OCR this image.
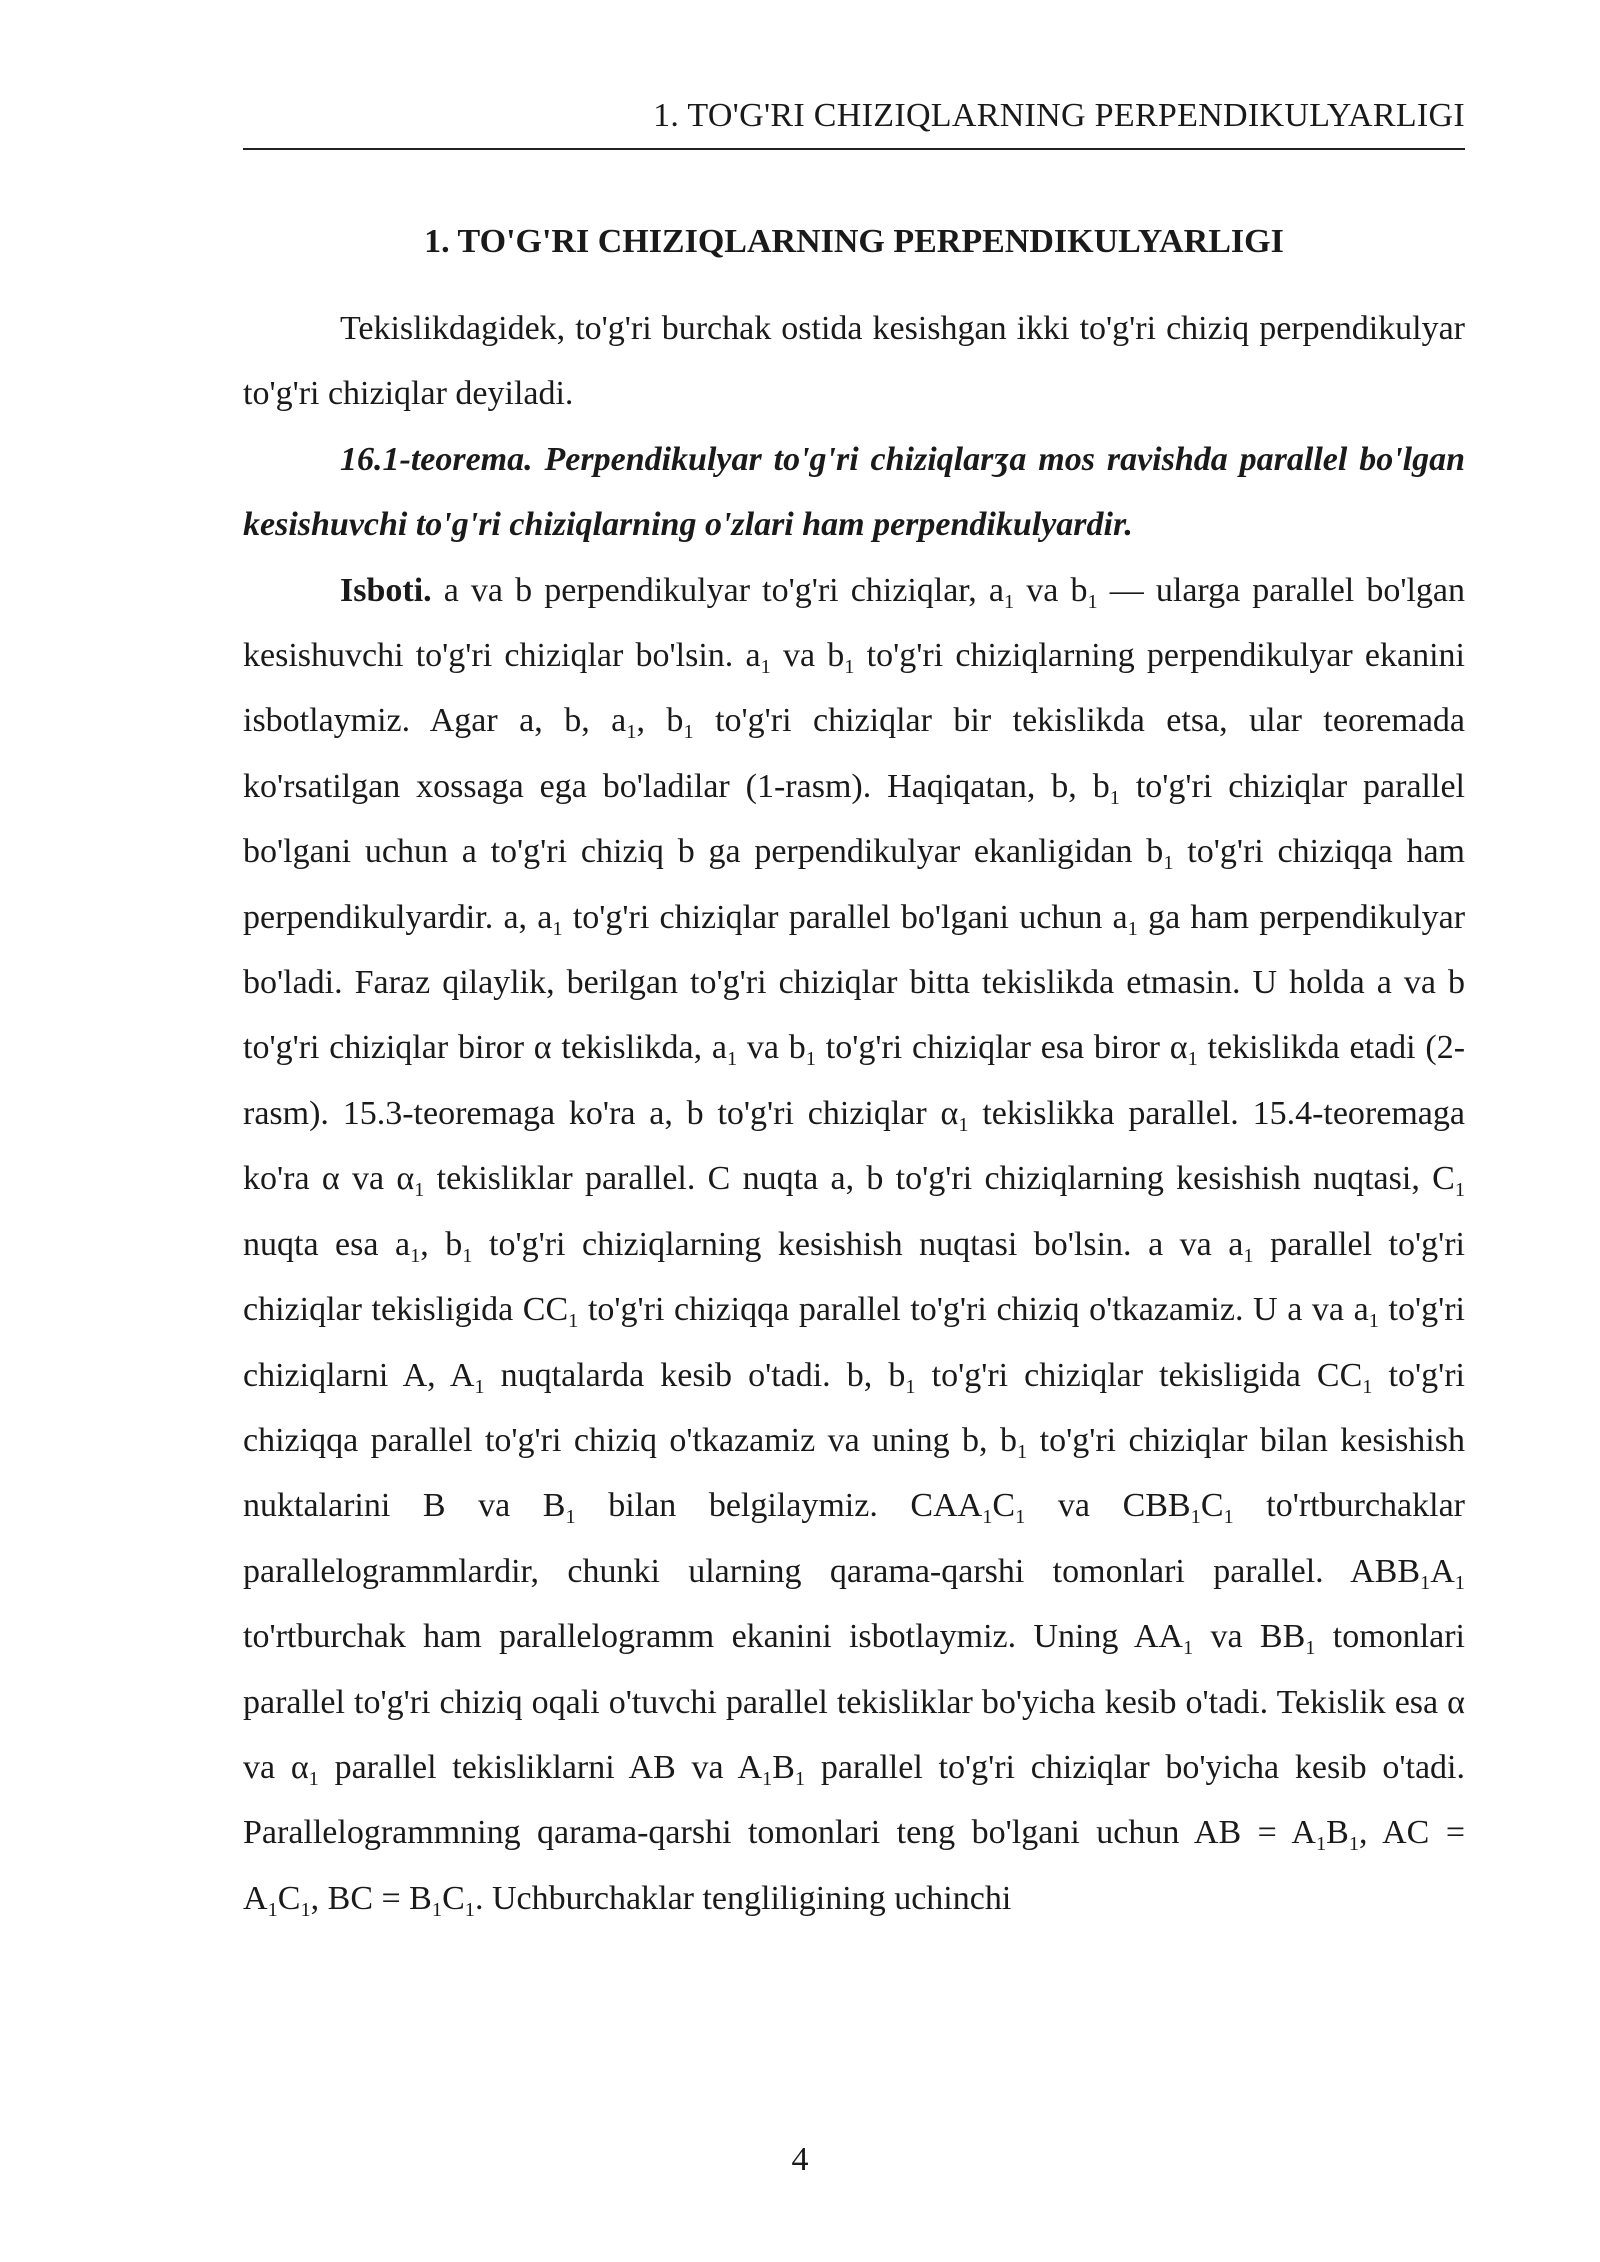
1. TO'G'RI CHIZIQLARNING PERPENDIKULYARLIGI
1. TO'G'RI CHIZIQLARNING PERPENDIKULYARLIGI

Tekislikdagidek, to'g'ri burchak ostida kesishgan ikki to'g'ri chiziq perpendikulyar to'g'ri chiziqlar deyiladi.

16.1-teorema. Perpendikulyar to'g'ri chiziqlarʒa mos ravishda parallel bo'lgan kesishuvchi to'g'ri chiziqlarning o'zlari ham perpendikulyardir.

Isboti. a va b perpendikulyar to'g'ri chiziqlar, $a_1$ va $b_1$ — ularga parallel bo'lgan kesishuvchi to'g'ri chiziqlar bo'lsin. $a_1$ va $b_1$ to'g'ri chiziqlarning perpendikulyar ekanini isbotlaymiz. Agar a, b, $a_1$, $b_1$ to'g'ri chiziqlar bir tekislikda etsa, ular teoremada ko'rsatilgan xossaga ega bo'ladilar (1-rasm). Haqiqatan, b, $b_1$ to'g'ri chiziqlar parallel bo'lgani uchun a to'g'ri chiziq b ga perpendikulyar ekanligidan $b_1$ to'g'ri chiziqqa ham perpendikulyardir. a, $a_1$ to'g'ri chiziqlar parallel bo'lgani uchun $a_1$ ga ham perpendikulyar bo'ladi. Faraz qilaylik, berilgan to'g'ri chiziqlar bitta tekislikda etmasin. U holda a va b to'g'ri chiziqlar biror α tekislikda, $a_1$ va $b_1$ to'g'ri chiziqlar esa biror $\alpha_1$ tekislikda etadi (2-rasm). 15.3-teoremaga ko'ra a, b to'g'ri chiziqlar $\alpha_1$ tekislikka parallel. 15.4-teoremaga ko'ra α va $\alpha_1$ tekisliklar parallel. C nuqta a, b to'g'ri chiziqlarning kesishish nuqtasi, $C_1$ nuqta esa $a_1$, $b_1$ to'g'ri chiziqlarning kesishish nuqtasi bo'lsin. a va $a_1$ parallel to'g'ri chiziqlar tekisligida $CC_1$ to'g'ri chiziqqa parallel to'g'ri chiziq o'tkazamiz. U a va $a_1$ to'g'ri chiziqlarni A, $A_1$ nuqtalarda kesib o'tadi. b, $b_1$ to'g'ri chiziqlar tekisligida $CC_1$ to'g'ri chiziqqa parallel to'g'ri chiziq o'tkazamiz va uning b, $b_1$ to'g'ri chiziqlar bilan kesishish nuktalarini B va $B_1$ bilan belgilaymiz. $CAA_1C_1$ va $CBB_1C_1$ to'rtburchaklar parallelogrammlardir, chunki ularning qarama-qarshi tomonlari parallel. $ABB_1A_1$ to'rtburchak ham parallelogramm ekanini isbotlaymiz. Uning $AA_1$ va $BB_1$ tomonlari parallel to'g'ri chiziq oqali o'tuvchi parallel tekisliklar bo'yicha kesib o'tadi. Tekislik esa α va $\alpha_1$ parallel tekisliklarni AB va $A_1B_1$ parallel to'g'ri chiziqlar bo'yicha kesib o'tadi. Parallelogrammning qarama-qarshi tomonlari teng bo'lgani uchun AB = $A_1B_1$, AC = $A_1C_1$, BC = $B_1C_1$. Uchburchaklar tengliligining uchinchi

4
